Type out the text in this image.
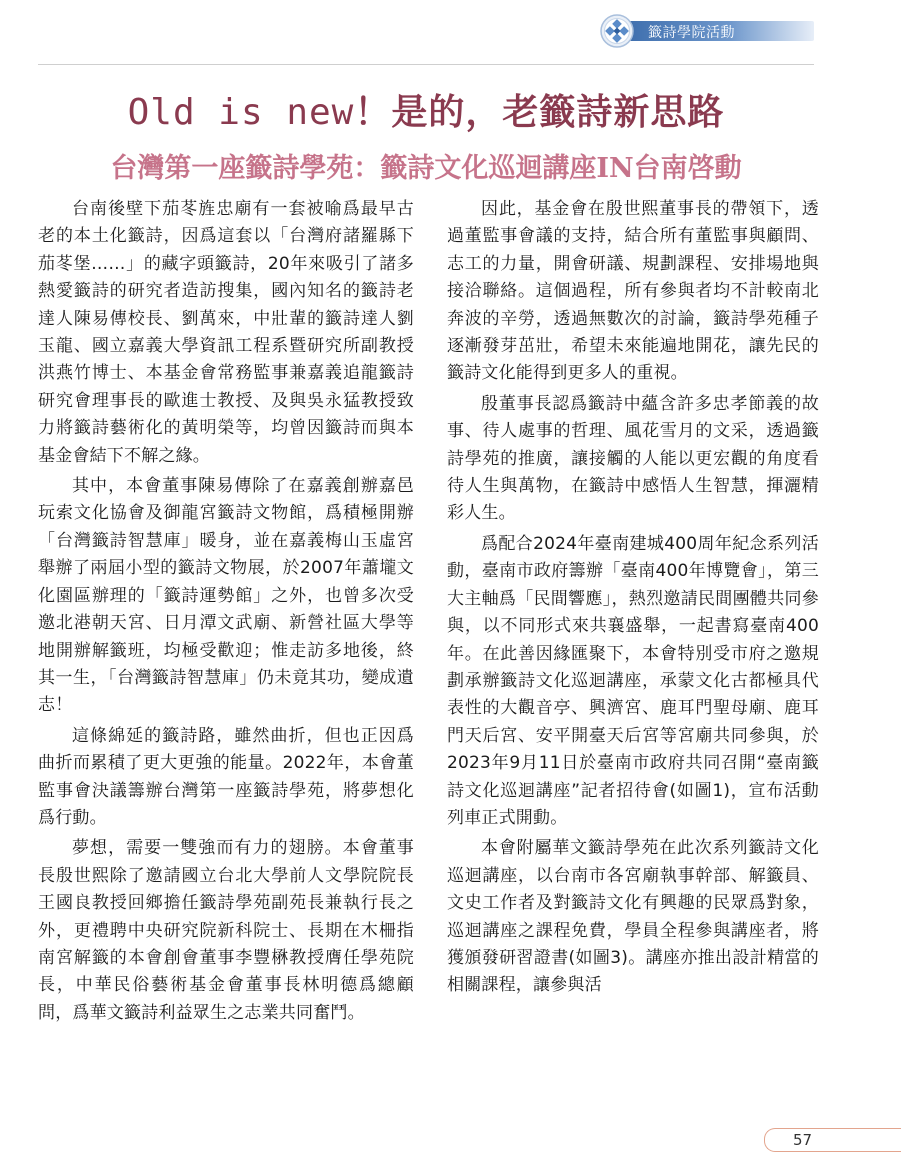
籤詩學院活動
Old is new！是的，老籤詩新思路
台灣第一座籤詩學苑：籤詩文化巡迴講座IN台南啓動

台南後壁下茄苳旌忠廟有一套被喻爲最早古老的本土化籤詩，因爲這套以「台灣府諸羅縣下茄苳堡……」的藏字頭籤詩，20年來吸引了諸多熱愛籤詩的研究者造訪搜集，國內知名的籤詩老達人陳易傳校長、劉萬來，中壯輩的籤詩達人劉玉龍、國立嘉義大學資訊工程系暨研究所副教授洪燕竹博士、本基金會常務監事兼嘉義追龍籤詩研究會理事長的歐進士教授、及與吳永猛教授致力將籤詩藝術化的黃明榮等，均曾因籤詩而與本基金會結下不解之緣。

其中，本會董事陳易傳除了在嘉義創辦嘉邑玩索文化協會及御龍宮籤詩文物館，爲積極開辦「台灣籤詩智慧庫」暖身，並在嘉義梅山玉虛宮舉辦了兩屆小型的籤詩文物展，於2007年蕭壠文化園區辦理的「籤詩運勢館」之外，也曾多次受邀北港朝天宮、日月潭文武廟、新營社區大學等地開辦解籤班，均極受歡迎；惟走訪多地後，終其一生，「台灣籤詩智慧庫」仍未竟其功，變成遺志！

這條綿延的籤詩路，雖然曲折，但也正因爲曲折而累積了更大更強的能量。2022年，本會董監事會決議籌辦台灣第一座籤詩學苑，將夢想化爲行動。

夢想，需要一雙強而有力的翅膀。本會董事長殷世熙除了邀請國立台北大學前人文學院院長王國良教授回鄉擔任籤詩學苑副苑長兼執行長之外，更禮聘中央研究院新科院士、長期在木柵指南宮解籤的本會創會董事李豐楙教授膺任學苑院長，中華民俗藝術基金會董事長林明德爲總顧問，爲華文籤詩利益眾生之志業共同奮鬥。

因此，基金會在殷世熙董事長的帶領下，透過董監事會議的支持，結合所有董監事與顧問、志工的力量，開會研議、規劃課程、安排場地與接洽聯絡。這個過程，所有參與者均不計較南北奔波的辛勞，透過無數次的討論，籤詩學苑種子逐漸發芽茁壯，希望未來能遍地開花，讓先民的籤詩文化能得到更多人的重視。

殷董事長認爲籤詩中蘊含許多忠孝節義的故事、待人處事的哲理、風花雪月的文采，透過籤詩學苑的推廣，讓接觸的人能以更宏觀的角度看待人生與萬物，在籤詩中感悟人生智慧，揮灑精彩人生。

爲配合2024年臺南建城400周年紀念系列活動，臺南市政府籌辦「臺南400年博覽會」，第三大主軸爲「民間響應」，熱烈邀請民間團體共同參與，以不同形式來共襄盛舉，一起書寫臺南400年。在此善因緣匯聚下，本會特別受市府之邀規劃承辦籤詩文化巡迴講座，承蒙文化古都極具代表性的大觀音亭、興濟宮、鹿耳門聖母廟、鹿耳門天后宮、安平開臺天后宮等宮廟共同參與，於2023年9月11日於臺南市政府共同召開“臺南籤詩文化巡迴講座”記者招待會(如圖1)，宣布活動列車正式開動。

本會附屬華文籤詩學苑在此次系列籤詩文化巡迴講座，以台南市各宮廟執事幹部、解籤員、文史工作者及對籤詩文化有興趣的民眾爲對象，巡迴講座之課程免費，學員全程參與講座者，將獲頒發研習證書(如圖3)。講座亦推出設計精當的相關課程，讓參與活

57
